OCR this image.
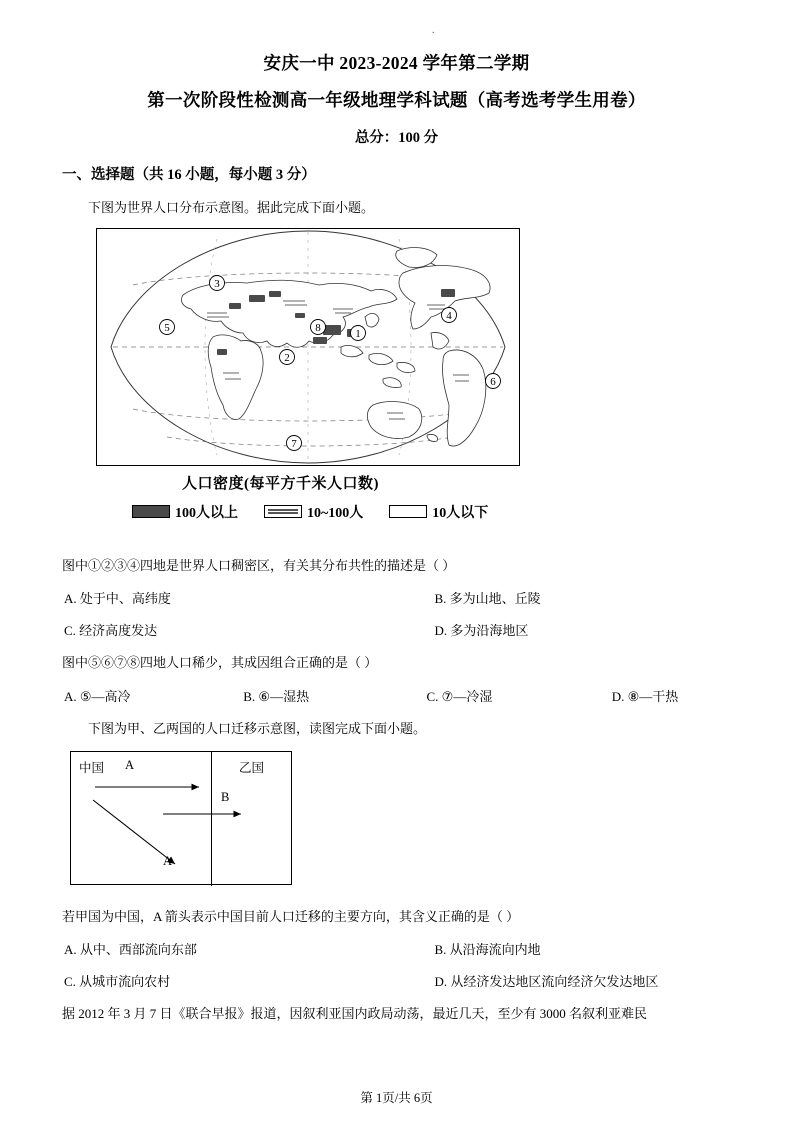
.
安庆一中 2023-2024 学年第二学期
第一次阶段性检测高一年级地理学科试题（高考选考学生用卷）
总分：100 分
一、选择题（共 16 小题，每小题 3 分）
下图为世界人口分布示意图。据此完成下面小题。
1
2
3
4
5
6
7
8
人口密度(每平方千米人口数)
100人以上	10~100人	10人以下
图中①②③④四地是世界人口稠密区，有关其分布共性的描述是（ ）
A. 处于中、高纬度	B. 多为山地、丘陵
C. 经济高度发达	D. 多为沿海地区
图中⑤⑥⑦⑧四地人口稀少，其成因组合正确的是（ ）
A. ⑤—高冷	B. ⑥—湿热	C. ⑦—冷湿	D. ⑧—干热
下图为甲、乙两国的人口迁移示意图，读图完成下面小题。
中国 A	乙国
B
A
若甲国为中国，A 箭头表示中国目前人口迁移的主要方向，其含义正确的是（ ）
A. 从中、西部流向东部	B. 从沿海流向内地
C. 从城市流向农村	D. 从经济发达地区流向经济欠发达地区
据 2012 年 3 月 7 日《联合早报》报道，因叙利亚国内政局动荡，最近几天，至少有 3000 名叙利亚难民
第 1页/共 6页
